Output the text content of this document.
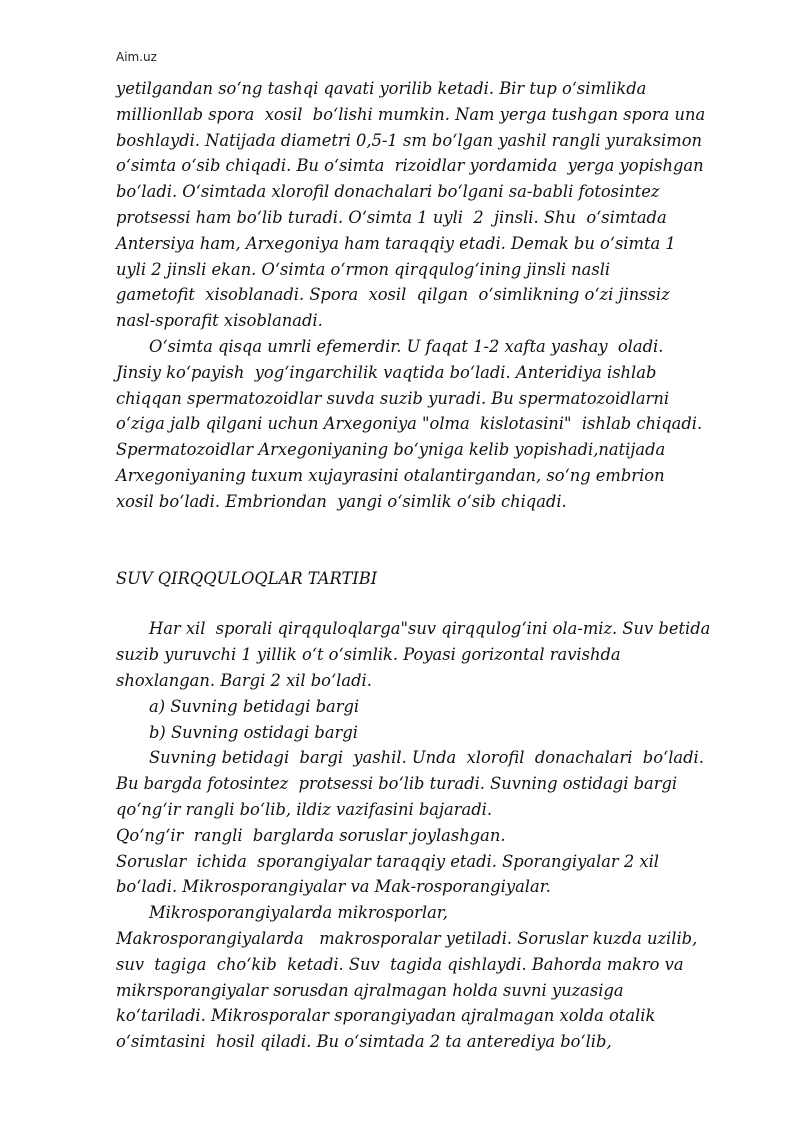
Aim.uz
yetilgandan so‘ng tashqi qavati yorilib ketadi. Bir tup o‘simlikda
millionllab spora  xosil  bo‘lishi mumkin. Nam yerga tushgan spora una
boshlaydi. Natijada diametri 0,5-1 sm bo‘lgan yashil rangli yuraksimon
o‘simta o‘sib chiqadi. Bu o‘simta  rizoidlar yordamida  yerga yopishgan
bo‘ladi. O‘simtada xlorofil donachalari bo‘lgani sa-babli fotosintez
protsessi ham bo‘lib turadi. O‘simta 1 uyli  2  jinsli. Shu  o‘simtada
Antersiya ham, Arxegoniya ham taraqqiy etadi. Demak bu o‘simta 1
uyli 2 jinsli ekan. O‘simta o‘rmon qirqqulog‘ining jinsli nasli
gametofit  xisoblanadi. Spora  xosil  qilgan  o‘simlikning o‘zi jinssiz
nasl-sporafit xisoblanadi.
O‘simta qisqa umrli efemerdir. U faqat 1-2 xafta yashay  oladi.
Jinsiy ko‘payish  yog‘ingarchilik vaqtida bo‘ladi. Anteridiya ishlab
chiqqan spermatozoidlar suvda suzib yuradi. Bu spermatozoidlarni
o‘ziga jalb qilgani uchun Arxegoniya "olma  kislotasini"  ishlab chiqadi.
Spermatozoidlar Arxegoniyaning bo‘yniga kelib yopishadi,natijada
Arxegoniyaning tuxum xujayrasini otalantirgandan, so‘ng embrion
xosil bo‘ladi. Embriondan  yangi o‘simlik o‘sib chiqadi.
SUV QIRQQULOQLAR TARTIBI
Har xil  sporali qirqquloqlarga"suv qirqqulog‘ini ola-miz. Suv betida
suzib yuruvchi 1 yillik o‘t o‘simlik. Poyasi gorizontal ravishda
shoxlangan. Bargi 2 xil bo‘ladi.
a) Suvning betidagi bargi
b) Suvning ostidagi bargi
Suvning betidagi  bargi  yashil. Unda  xlorofil  donachalari  bo‘ladi.
Bu bargda fotosintez  protsessi bo‘lib turadi. Suvning ostidagi bargi
qo‘ng‘ir rangli bo‘lib, ildiz vazifasini bajaradi.
Qo‘ng‘ir  rangli  barglarda soruslar joylashgan.
Soruslar  ichida  sporangiyalar taraqqiy etadi. Sporangiyalar 2 xil
bo‘ladi. Mikrosporangiyalar va Mak-rosporangiyalar.
Mikrosporangiyalarda mikrosporlar,
Makrosporangiyalarda   makrosporalar yetiladi. Soruslar kuzda uzilib,
suv  tagiga  cho‘kib  ketadi. Suv  tagida qishlaydi. Bahorda makro va
mikrsporangiyalar sorusdan ajralmagan holda suvni yuzasiga
ko‘tariladi. Mikrosporalar sporangiyadan ajralmagan xolda otalik
o‘simtasini  hosil qiladi. Bu o‘simtada 2 ta anterediya bo‘lib,
